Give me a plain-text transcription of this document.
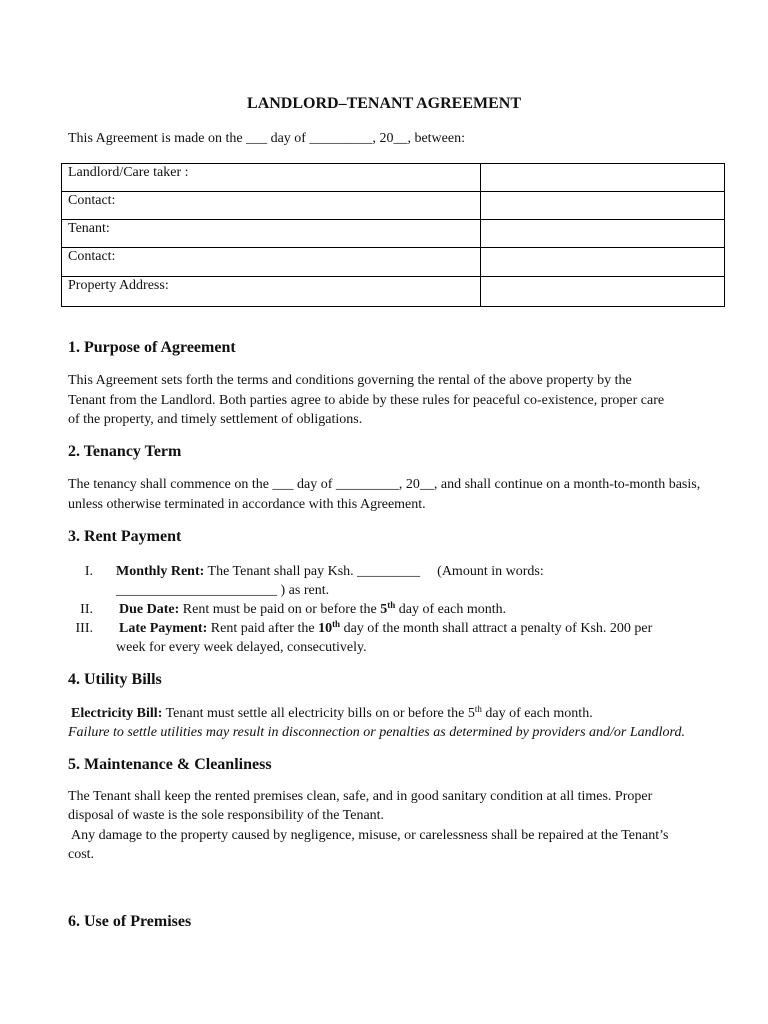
LANDLORD–TENANT AGREEMENT
This Agreement is made on the ___ day of _________, 20__, between:
Landlord/Care taker :	
Contact:	
Tenant:	
Contact:	
Property Address:	
1. Purpose of Agreement
This Agreement sets forth the terms and conditions governing the rental of the above property by the
Tenant from the Landlord. Both parties agree to abide by these rules for peaceful co-existence, proper care
of the property, and timely settlement of obligations.
2. Tenancy Term
The tenancy shall commence on the ___ day of _________, 20__, and shall continue on a month-to-month basis,
unless otherwise terminated in accordance with this Agreement.
3. Rent Payment
I. Monthly Rent: The Tenant shall pay Ksh. _________ (Amount in words:
_______________________ ) as rent.
II. Due Date: Rent must be paid on or before the 5th day of each month.
III. Late Payment: Rent paid after the 10th day of the month shall attract a penalty of Ksh. 200 per
week for every week delayed, consecutively.
4. Utility Bills
Electricity Bill: Tenant must settle all electricity bills on or before the 5th day of each month.
Failure to settle utilities may result in disconnection or penalties as determined by providers and/or Landlord.
5. Maintenance & Cleanliness
The Tenant shall keep the rented premises clean, safe, and in good sanitary condition at all times. Proper
disposal of waste is the sole responsibility of the Tenant.
Any damage to the property caused by negligence, misuse, or carelessness shall be repaired at the Tenant’s
cost.
6. Use of Premises
